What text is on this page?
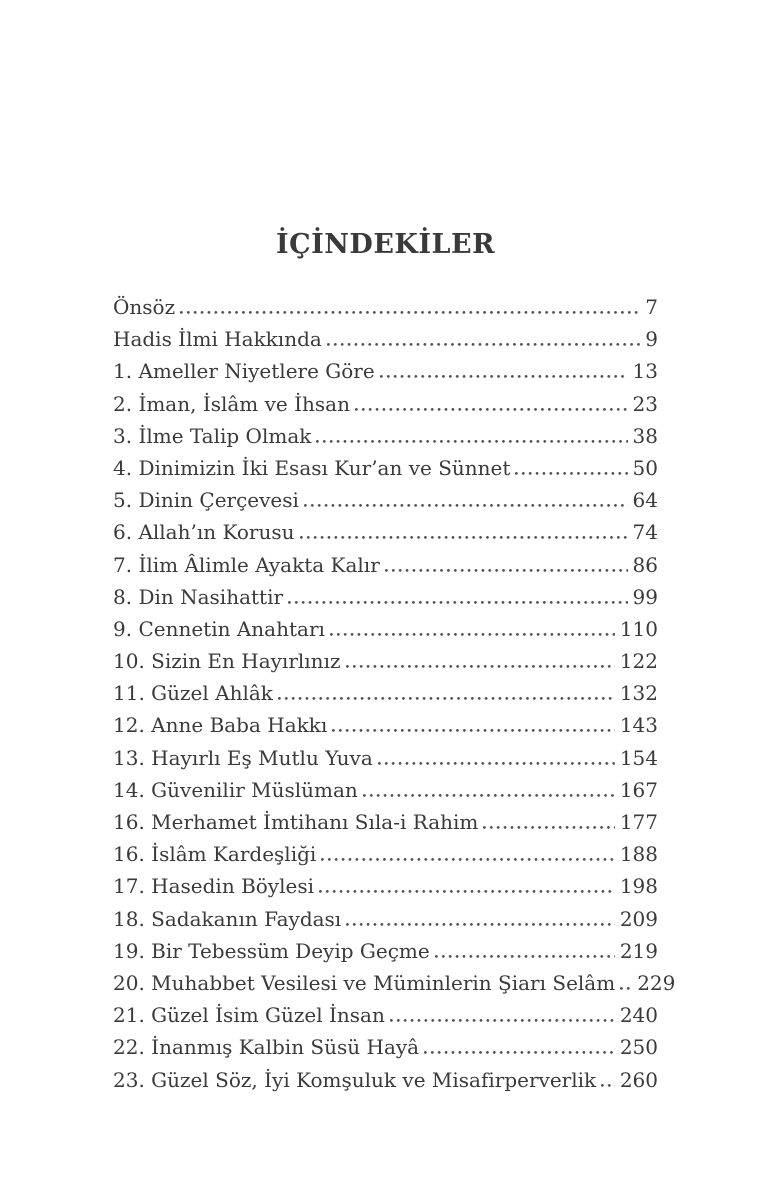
İÇİNDEKİLER
Önsöz	7
Hadis İlmi Hakkında	9
1. Ameller Niyetlere Göre	13
2. İman, İslâm ve İhsan	23
3. İlme Talip Olmak	38
4. Dinimizin İki Esası Kur’an ve Sünnet	50
5. Dinin Çerçevesi	64
6. Allah’ın Korusu	74
7. İlim Âlimle Ayakta Kalır	86
8. Din Nasihattir	99
9. Cennetin Anahtarı	110
10. Sizin En Hayırlınız	122
11. Güzel Ahlâk	132
12. Anne Baba Hakkı	143
13. Hayırlı Eş Mutlu Yuva	154
14. Güvenilir Müslüman	167
16. Merhamet İmtihanı Sıla-i Rahim	177
16. İslâm Kardeşliği	188
17. Hasedin Böylesi	198
18. Sadakanın Faydası	209
19. Bir Tebessüm Deyip Geçme	219
20. Muhabbet Vesilesi ve Müminlerin Şiarı Selâm 229
21. Güzel İsim Güzel İnsan	240
22. İnanmış Kalbin Süsü Hayâ	250
23. Güzel Söz, İyi Komşuluk ve Misafirperverlik 260
